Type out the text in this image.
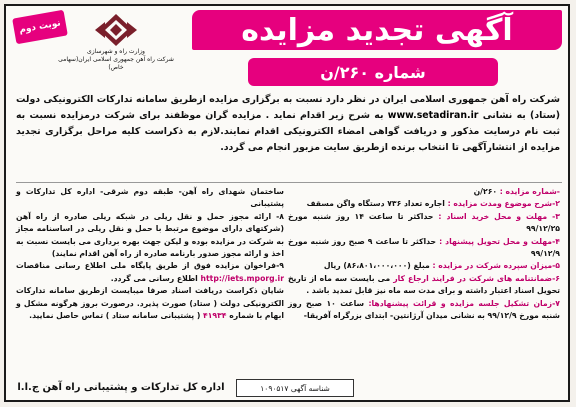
نوبت دوم
وزارت راه و شهرسازی
شرکت راه آهن جمهوری اسلامی ایران(سهامی خاص)
آگهی تجدید مزایده
شماره ۲۶۰/ن
شرکت راه آهن جمهوری اسلامی ایران در نظر دارد نسبت به برگزاری مزایده ازطریق سامانه تدارکات الکترونیکی دولت (ستاد) به نشانی www.setadiran.ir به شرح زیر اقدام نماید . مزایده گران موظفند برای شرکت درمزایده نسبت به ثبت نام درسایت مذکور و دریافت گواهی امضاء الکترونیکی اقدام نمایند.لازم به ذکراست کلیه مراحل برگزاری تجدید مزایده از انتشارآگهی تا انتخاب برنده ازطریق سایت مزبور انجام می گردد.

-شماره مزایده : ۲۶۰/ن

۲-شرح موضوع ومدت مزایده : اجاره تعداد ۷۳۶ دستگاه واگن مسقف

۳- مهلت و محل خرید اسناد : حداکثر تا ساعت ۱۴ روز شنبه مورخ ۹۹/۱۲/۲۵

۴-مهلت و محل تحویل پیشنهاد : حداکثر تا ساعت ۹ صبح روز شنبه مورخ ۹۹/۱۲/۹

۵-میزان سپرده شرکت در مزایده : مبلغ (۸۶،۸۰۱،۰۰۰،۰۰۰) ریال

۶-ضمانتنامه های شرکت در فرایند ارجاع کار می بایست سه ماه از تاریخ تحویل اسناد اعتبار داشته و برای مدت سه ماه نیز قابل تمدید باشد .

۷-زمان تشکیل جلسه مزایده و قرائت پیشنهادها: ساعت ۱۰ صبح روز شنبه مورخ ۹۹/۱۲/۹ به نشانی میدان آرژانتین- ابتدای بزرگراه آفریقا-

ساختمان شهدای راه آهن- طبقه دوم شرقی- اداره کل تدارکات و پشتیبانی

۸- ارائه مجوز حمل و نقل ریلی در شبکه ریلی صادره از راه آهن (شرکتهای دارای موضوع مرتبط با حمل و نقل ریلی در اساسنامه مجاز به شرکت در مزایده بوده و لیکن جهت بهره برداری می بایست نسبت به اخذ و ارائه مجوز صدور بارنامه صادره از راه آهن اقدام نمایند)

۹-فراخوان مزایده فوق از طریق پایگاه ملی اطلاع رسانی مناقصات http://iets.mporg.ir اطلاع رسانی می گردد.

شایان ذکراست دریافت اسناد صرفا میبایست ازطریق سامانه تدارکات الکترونیکی دولت ( ستاد) صورت پذیرد. درصورت بروز هرگونه مشکل و ابهام با شماره ۴۱۹۳۴ ( پشتیبانی سامانه ستاد ) تماس حاصل نمایید.

شناسه آگهی ۱۰۹۰۵۱۷
اداره کل تدارکات و پشتیبانی راه آهن ج.ا.ا
